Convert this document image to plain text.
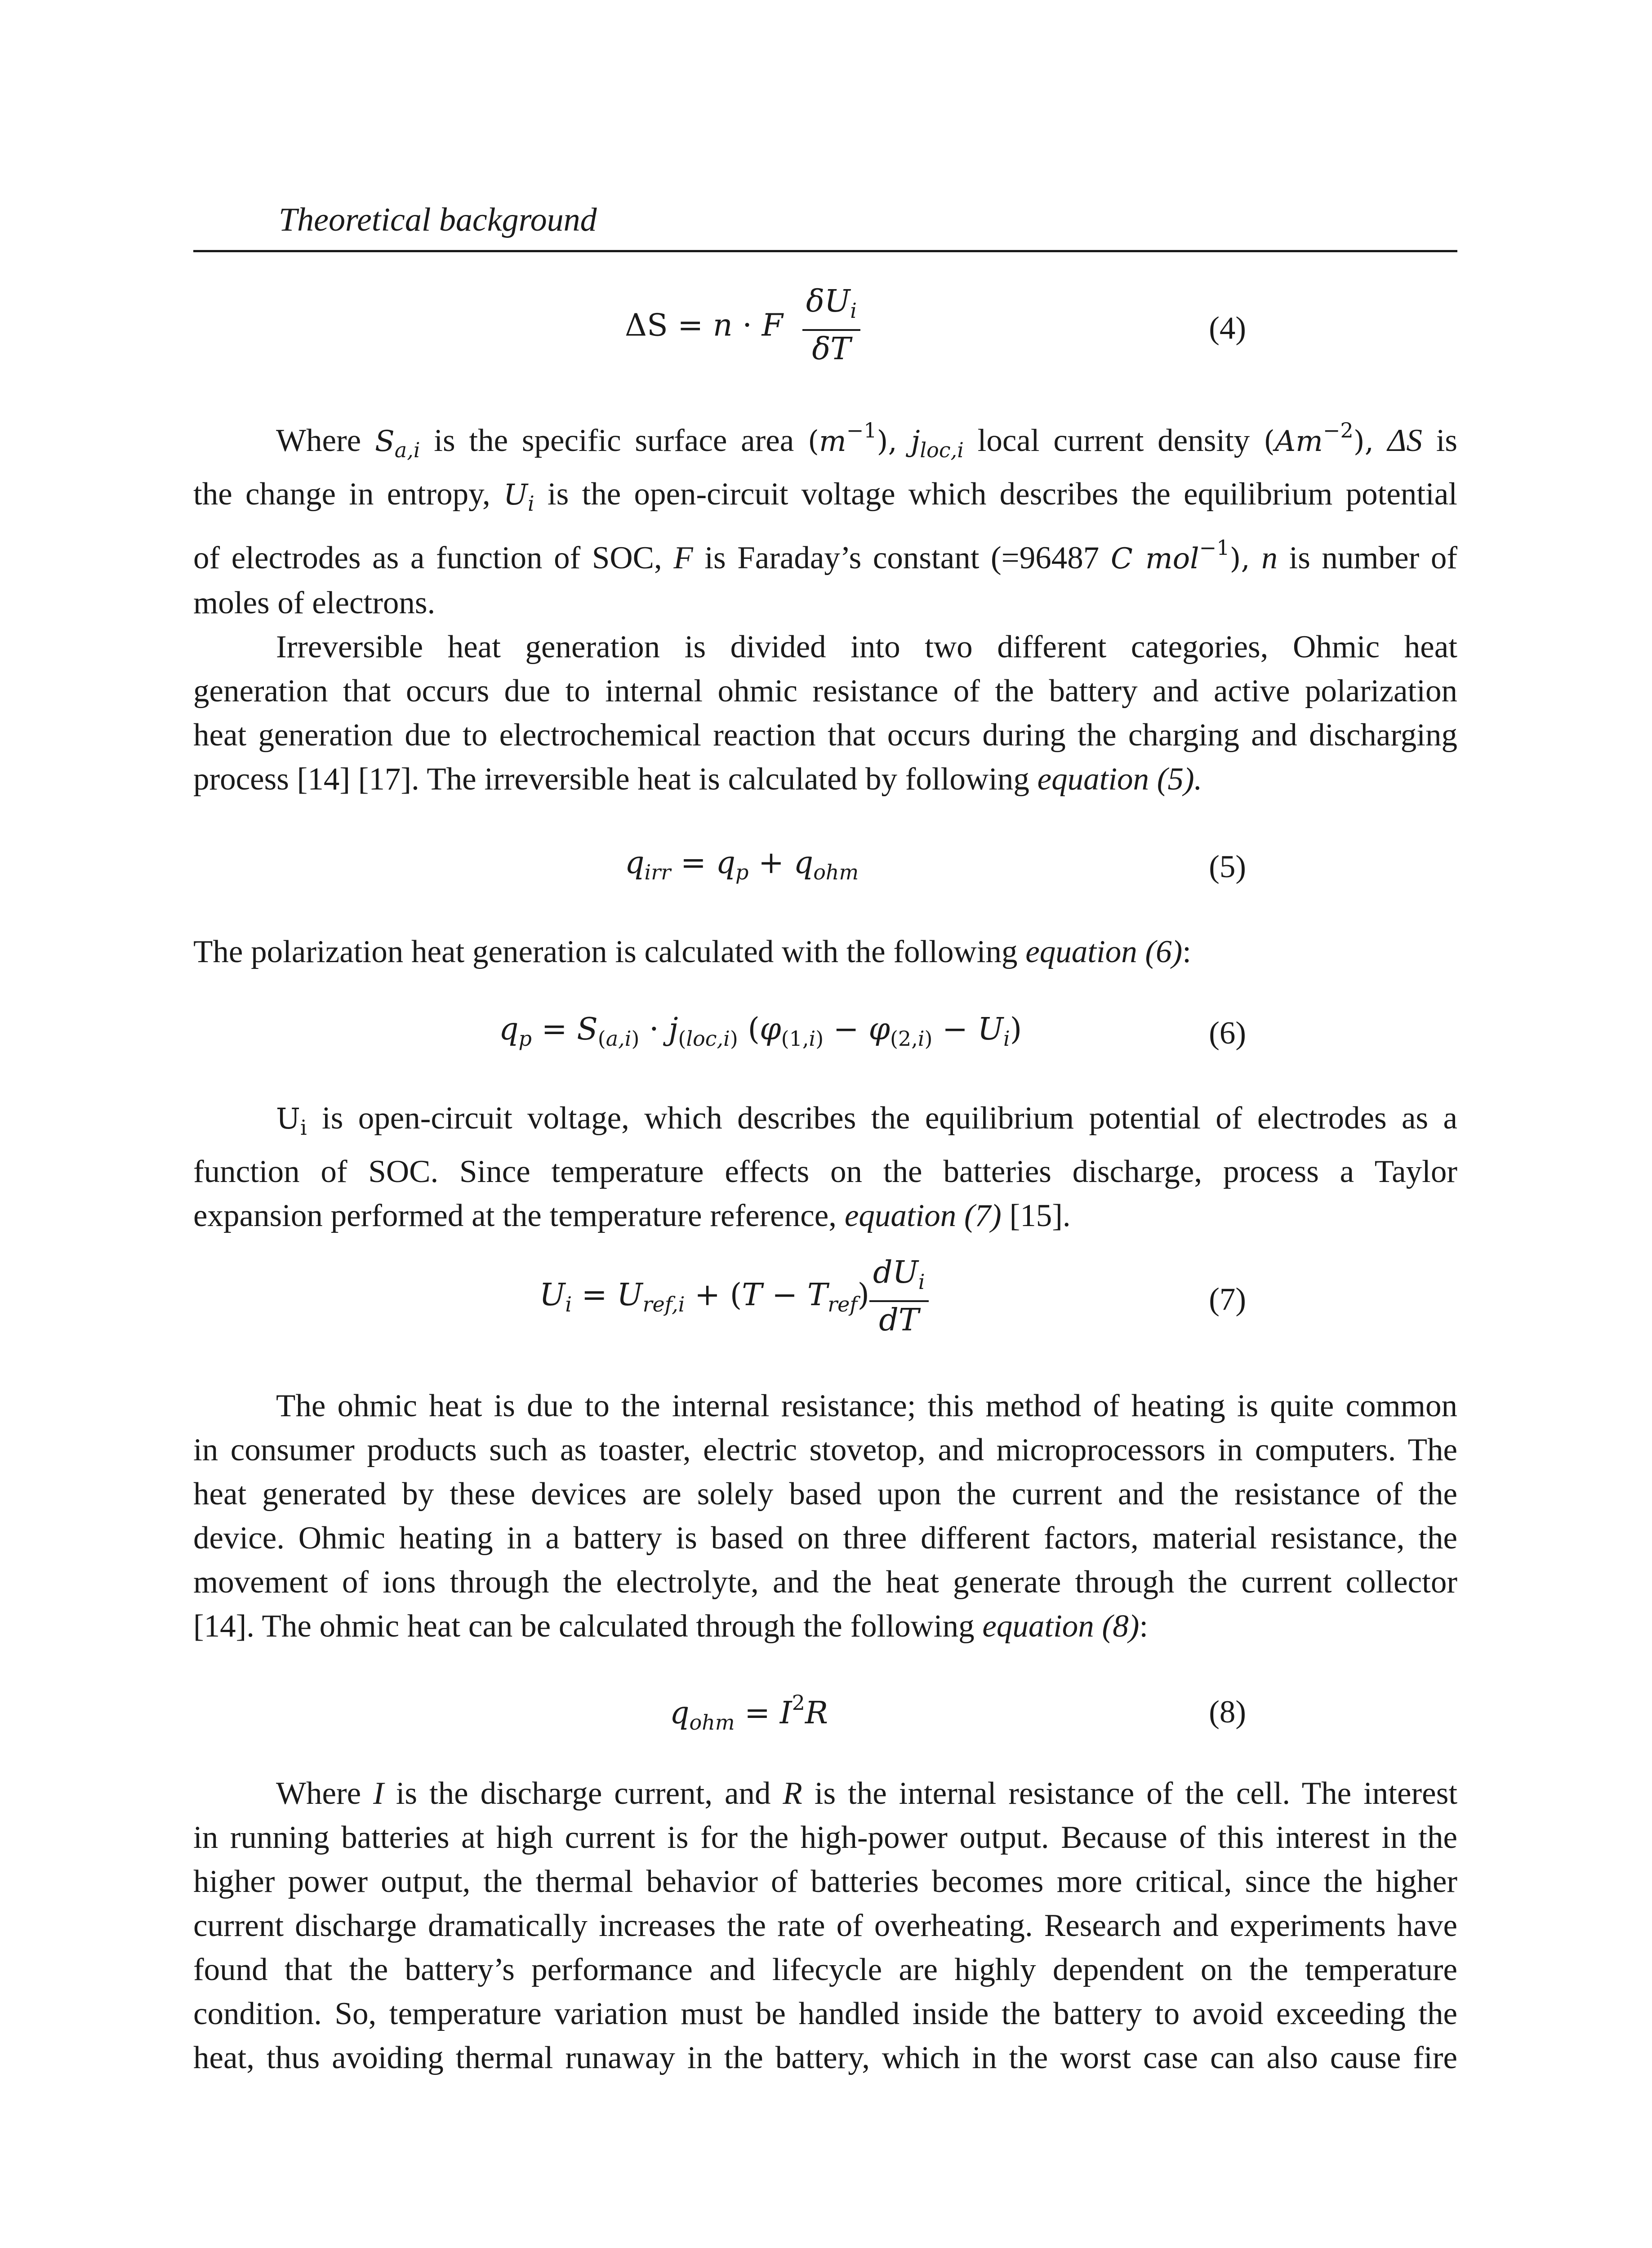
Theoretical background
ΔS = n · F $\frac{\delta U_i}{\delta T}$	(4)
Where $S_{a,i}$ is the specific surface area $(m^{-1})$, $j_{loc,i}$ local current density $(Am^{-2})$, ΔS is
the change in entropy, $U_i$ is the open-circuit voltage which describes the equilibrium potential
of electrodes as a function of SOC, F is Faraday’s constant (=96487 C mol$^{-1}$), n is number of
moles of electrons.
Irreversible heat generation is divided into two different categories, Ohmic heat
generation that occurs due to internal ohmic resistance of the battery and active polarization
heat generation due to electrochemical reaction that occurs during the charging and discharging
process [14] [17]. The irreversible heat is calculated by following equation (5).
$q_{irr} = q_p + q_{ohm}$	(5)
The polarization heat generation is calculated with the following equation (6):
$q_p = S_{(a,i)} \cdot j_{(loc,i)}$ $(\varphi_{(1,i)} - \varphi_{(2,i)} - U_i)$	(6)
$U_i$ is open-circuit voltage, which describes the equilibrium potential of electrodes as a
function of SOC. Since temperature effects on the batteries discharge, process a Taylor
expansion performed at the temperature reference, equation (7) [15].
$U_i = U_{ref,i} + (T - T_{ref}) \frac{dU_i}{dT}$	(7)
The ohmic heat is due to the internal resistance; this method of heating is quite common
in consumer products such as toaster, electric stovetop, and microprocessors in computers. The
heat generated by these devices are solely based upon the current and the resistance of the
device. Ohmic heating in a battery is based on three different factors, material resistance, the
movement of ions through the electrolyte, and the heat generate through the current collector
[14]. The ohmic heat can be calculated through the following equation (8):
$q_{ohm} = I^2R$	(8)
Where I is the discharge current, and R is the internal resistance of the cell. The interest
in running batteries at high current is for the high-power output. Because of this interest in the
higher power output, the thermal behavior of batteries becomes more critical, since the higher
current discharge dramatically increases the rate of overheating. Research and experiments have
found that the battery’s performance and lifecycle are highly dependent on the temperature
condition. So, temperature variation must be handled inside the battery to avoid exceeding the
heat, thus avoiding thermal runaway in the battery, which in the worst case can also cause fire
